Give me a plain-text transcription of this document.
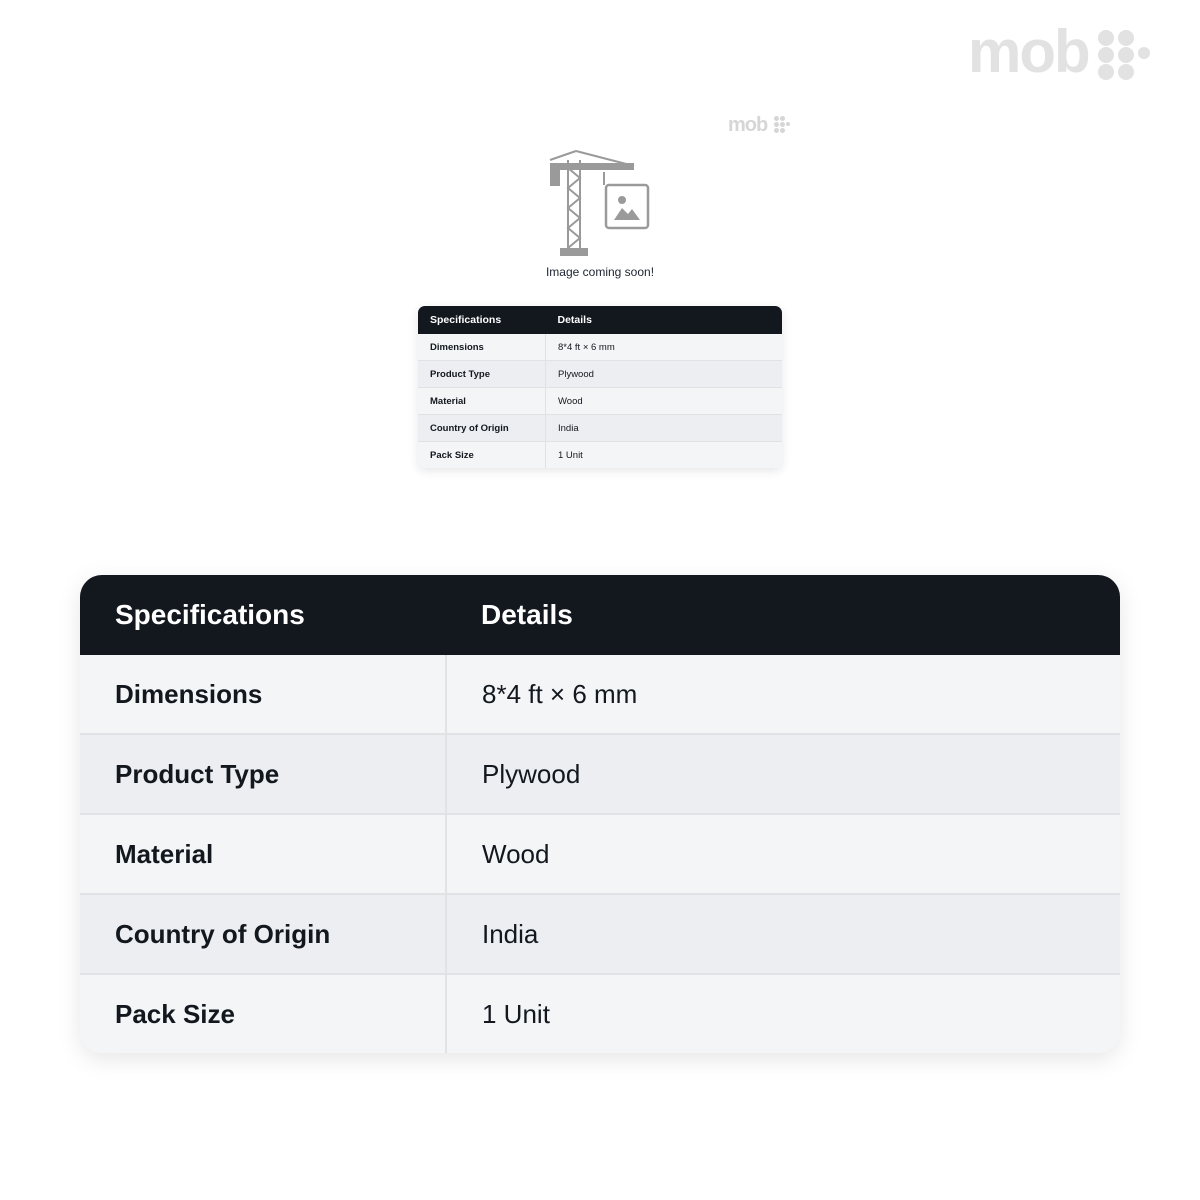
mob
mob
Image coming soon!
Specifications	Details
Dimensions	8*4 ft × 6 mm
Product Type	Plywood
Material	Wood
Country of Origin	India
Pack Size	1 Unit
Specifications	Details
Dimensions	8*4 ft × 6 mm
Product Type	Plywood
Material	Wood
Country of Origin	India
Pack Size	1 Unit
